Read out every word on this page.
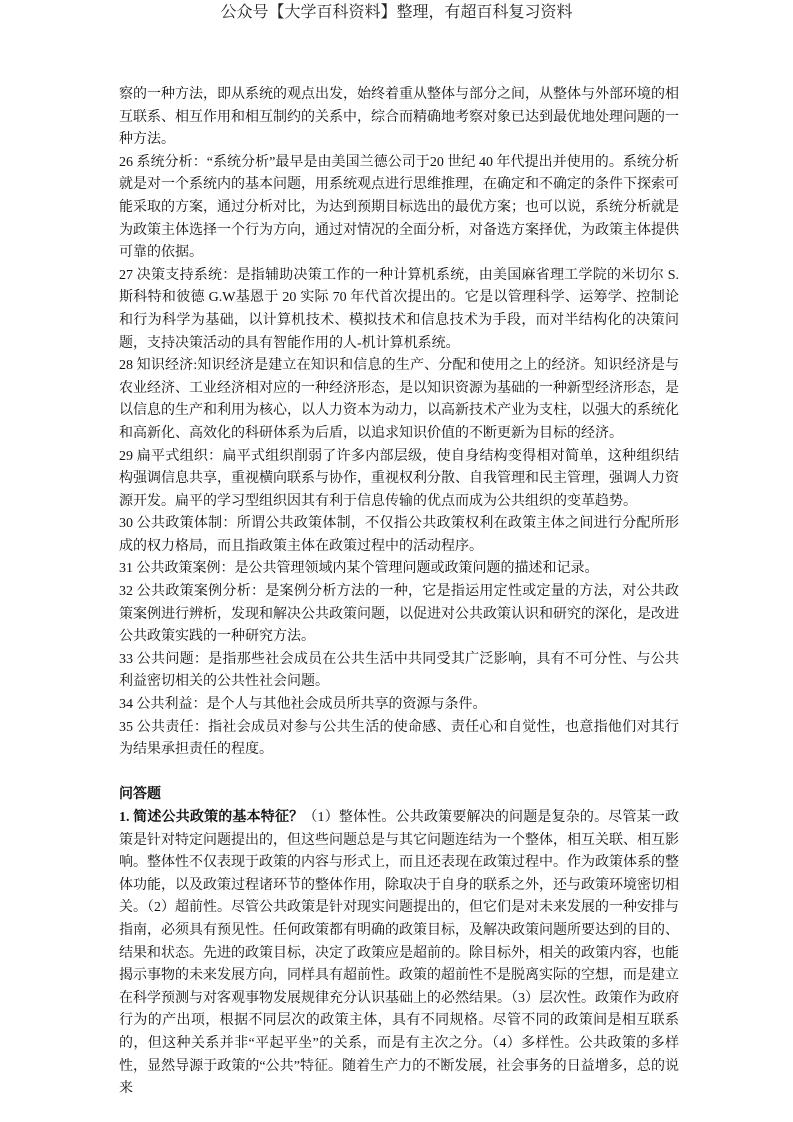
公众号【大学百科资料】整理，有超百科复习资料

察的一种方法，即从系统的观点出发，始终着重从整体与部分之间，从整体与外部环境的相互联系、相互作用和相互制约的关系中，综合而精确地考察对象已达到最优地处理问题的一种方法。

26 系统分析：“系统分析”最早是由美国兰德公司于20 世纪 40 年代提出并使用的。系统分析就是对一个系统内的基本问题，用系统观点进行思维推理，在确定和不确定的条件下探索可能采取的方案，通过分析对比，为达到预期目标选出的最优方案；也可以说，系统分析就是为政策主体选择一个行为方向，通过对情况的全面分析，对备选方案择优，为政策主体提供可靠的依据。

27 决策支持系统：是指辅助决策工作的一种计算机系统，由美国麻省理工学院的米切尔 S.斯科特和彼德 G.W基恩于 20 实际 70 年代首次提出的。它是以管理科学、运筹学、控制论和行为科学为基础，以计算机技术、模拟技术和信息技术为手段，而对半结构化的决策问题，支持决策活动的具有智能作用的人-机计算机系统。

28 知识经济:知识经济是建立在知识和信息的生产、分配和使用之上的经济。知识经济是与农业经济、工业经济相对应的一种经济形态，是以知识资源为基础的一种新型经济形态，是以信息的生产和利用为核心，以人力资本为动力，以高新技术产业为支柱，以强大的系统化和高新化、高效化的科研体系为后盾，以追求知识价值的不断更新为目标的经济。

29 扁平式组织：扁平式组织削弱了许多内部层级，使自身结构变得相对简单，这种组织结构强调信息共享，重视横向联系与协作，重视权利分散、自我管理和民主管理，强调人力资源开发。扁平的学习型组织因其有利于信息传输的优点而成为公共组织的变革趋势。

30 公共政策体制：所谓公共政策体制，不仅指公共政策权利在政策主体之间进行分配所形成的权力格局，而且指政策主体在政策过程中的活动程序。

31 公共政策案例：是公共管理领域内某个管理问题或政策问题的描述和记录。

32 公共政策案例分析：是案例分析方法的一种，它是指运用定性或定量的方法，对公共政策案例进行辨析，发现和解决公共政策问题，以促进对公共政策认识和研究的深化，是改进公共政策实践的一种研究方法。

33 公共问题：是指那些社会成员在公共生活中共同受其广泛影响，具有不可分性、与公共利益密切相关的公共性社会问题。

34 公共利益：是个人与其他社会成员所共享的资源与条件。

35 公共责任：指社会成员对参与公共生活的使命感、责任心和自觉性，也意指他们对其行为结果承担责任的程度。

问答题

1. 简述公共政策的基本特征？（1）整体性。公共政策要解决的问题是复杂的。尽管某一政策是针对特定问题提出的，但这些问题总是与其它问题连结为一个整体，相互关联、相互影响。整体性不仅表现于政策的内容与形式上，而且还表现在政策过程中。作为政策体系的整体功能，以及政策过程诸环节的整体作用，除取决于自身的联系之外，还与政策环境密切相关。（2）超前性。尽管公共政策是针对现实问题提出的，但它们是对未来发展的一种安排与指南，必须具有预见性。任何政策都有明确的政策目标，及解决政策问题所要达到的目的、结果和状态。先进的政策目标，决定了政策应是超前的。除目标外，相关的政策内容，也能揭示事物的未来发展方向，同样具有超前性。政策的超前性不是脱离实际的空想，而是建立在科学预测与对客观事物发展规律充分认识基础上的必然结果。（3）层次性。政策作为政府行为的产出项，根据不同层次的政策主体，具有不同规格。尽管不同的政策间是相互联系的，但这种关系并非“平起平坐”的关系，而是有主次之分。（4）多样性。公共政策的多样性，显然导源于政策的“公共”特征。随着生产力的不断发展，社会事务的日益增多，总的说来
